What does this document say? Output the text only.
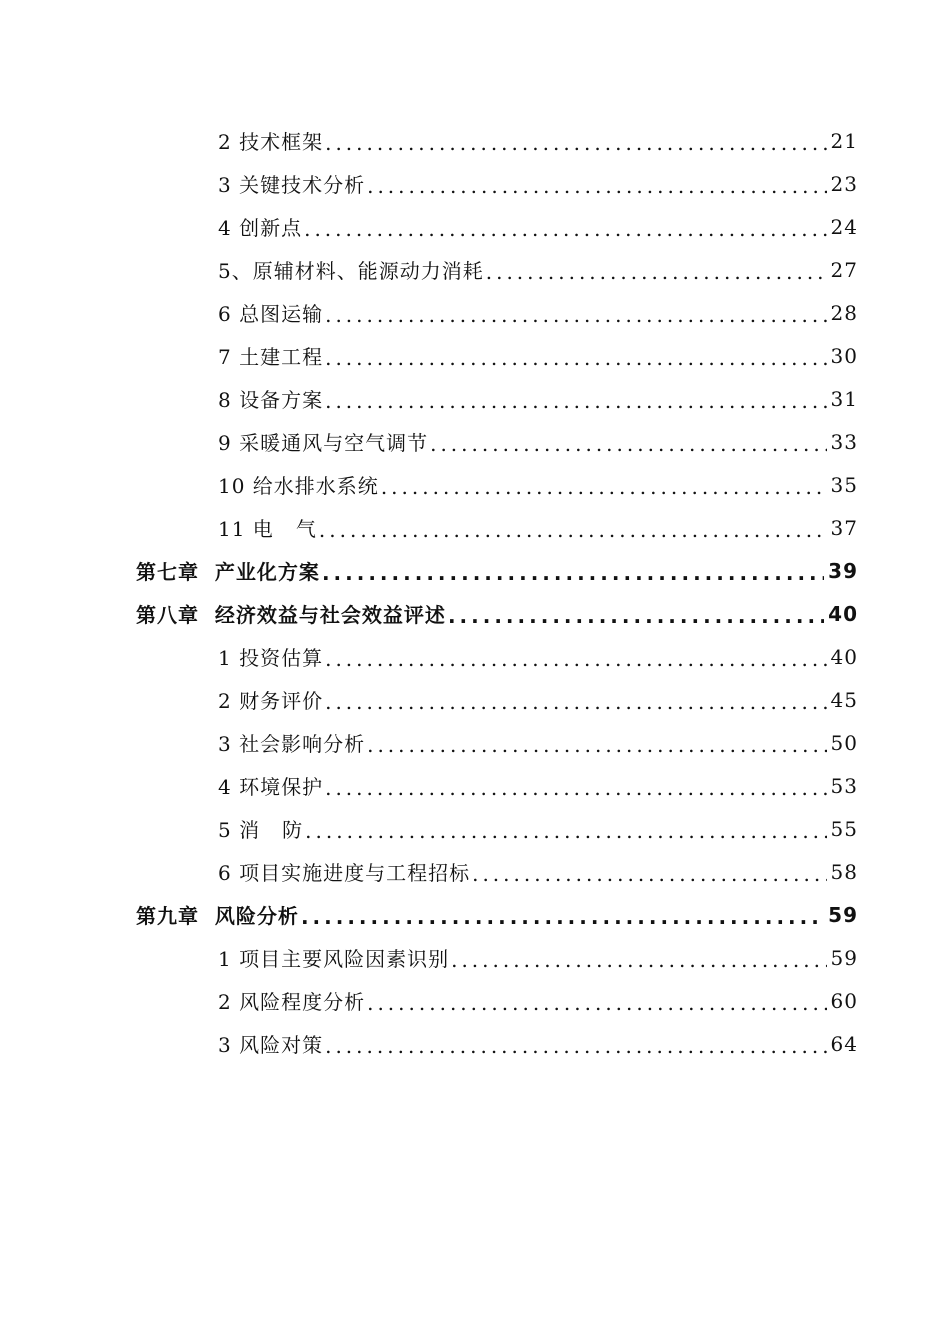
2 技术框架 .....	21
3 关键技术分析 .....	23
4 创新点 .....	24
5、原辅材料、能源动力消耗 .....	27
6 总图运输 .....	28
7 土建工程 .....	30
8 设备方案 .....	31
9 采暖通风与空气调节 .....	33
10 给水排水系统 .....	35
11 电   气 .....	37
第七章  产业化方案 .....	39
第八章  经济效益与社会效益评述 .....	40
1 投资估算 .....	40
2 财务评价 .....	45
3 社会影响分析 .....	50
4 环境保护 .....	53
5 消   防 .....	55
6 项目实施进度与工程招标 .....	58
第九章  风险分析 .....	59
1 项目主要风险因素识别 .....	59
2 风险程度分析 .....	60
3 风险对策 .....	64
